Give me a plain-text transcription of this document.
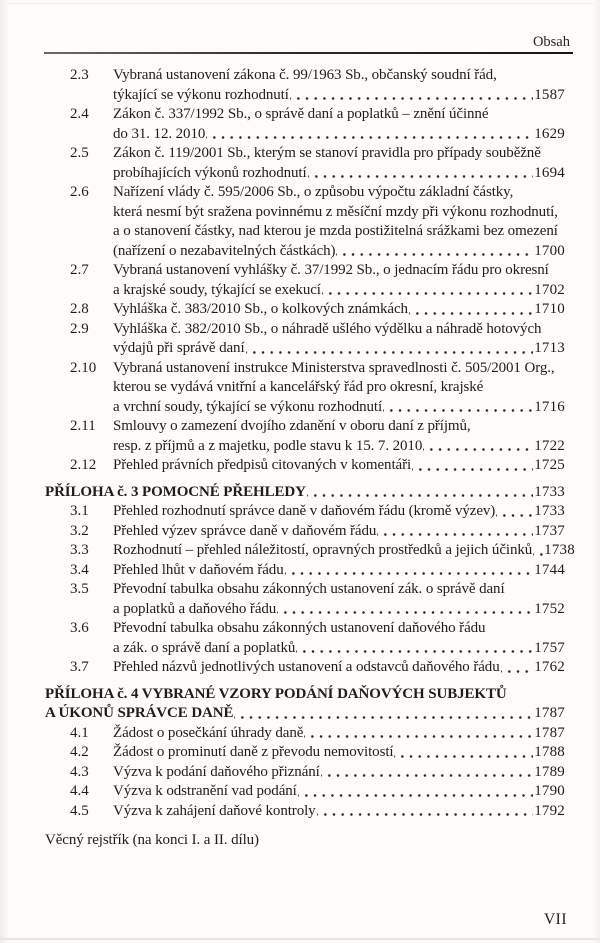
Obsah
2.3	Vybraná ustanovení zákona č. 99/1963 Sb., občanský soudní řád,
týkající se výkonu rozhodnutí	1587
2.4	Zákon č. 337/1992 Sb., o správě daní a poplatků – znění účinné
do 31. 12. 2010	1629
2.5	Zákon č. 119/2001 Sb., kterým se stanoví pravidla pro případy souběžně
probíhajících výkonů rozhodnutí	1694
2.6	Nařízení vlády č. 595/2006 Sb., o způsobu výpočtu základní částky,
která nesmí být sražena povinnému z měsíční mzdy při výkonu rozhodnutí,
a o stanovení částky, nad kterou je mzda postižitelná srážkami bez omezení
(nařízení o nezabavitelných částkách)	1700
2.7	Vybraná ustanovení vyhlášky č. 37/1992 Sb., o jednacím řádu pro okresní
a krajské soudy, týkající se exekucí	1702
2.8	Vyhláška č. 383/2010 Sb., o kolkových známkách	1710
2.9	Vyhláška č. 382/2010 Sb., o náhradě ušlého výdělku a náhradě hotových
výdajů při správě daní	1713
2.10	Vybraná ustanovení instrukce Ministerstva spravedlnosti č. 505/2001 Org.,
kterou se vydává vnitřní a kancelářský řád pro okresní, krajské
a vrchní soudy, týkající se výkonu rozhodnutí	1716
2.11	Smlouvy o zamezení dvojího zdanění v oboru daní z příjmů,
resp. z příjmů a z majetku, podle stavu k 15. 7. 2010	1722
2.12	Přehled právních předpisů citovaných v komentáři	1725
PŘÍLOHA č. 3 POMOCNÉ PŘEHLEDY	1733
3.1	Přehled rozhodnutí správce daně v daňovém řádu (kromě výzev)	1733
3.2	Přehled výzev správce daně v daňovém řádu	1737
3.3	Rozhodnutí – přehled náležitostí, opravných prostředků a jejich účinků 1738
3.4	Přehled lhůt v daňovém řádu	1744
3.5	Převodní tabulka obsahu zákonných ustanovení zák. o správě daní
a poplatků a daňového řádu	1752
3.6	Převodní tabulka obsahu zákonných ustanovení daňového řádu
a zák. o správě daní a poplatků	1757
3.7	Přehled názvů jednotlivých ustanovení a odstavců daňového řádu 1762
PŘÍLOHA č. 4 VYBRANÉ VZORY PODÁNÍ DAŇOVÝCH SUBJEKTŮ
A ÚKONŮ SPRÁVCE DANĚ	1787
4.1	Žádost o posečkání úhrady daně	1787
4.2	Žádost o prominutí daně z převodu nemovitostí	1788
4.3	Výzva k podání daňového přiznání	1789
4.4	Výzva k odstranění vad podání	1790
4.5	Výzva k zahájení daňové kontroly	1792
Věcný rejstřík (na konci I. a II. dílu)
VII
